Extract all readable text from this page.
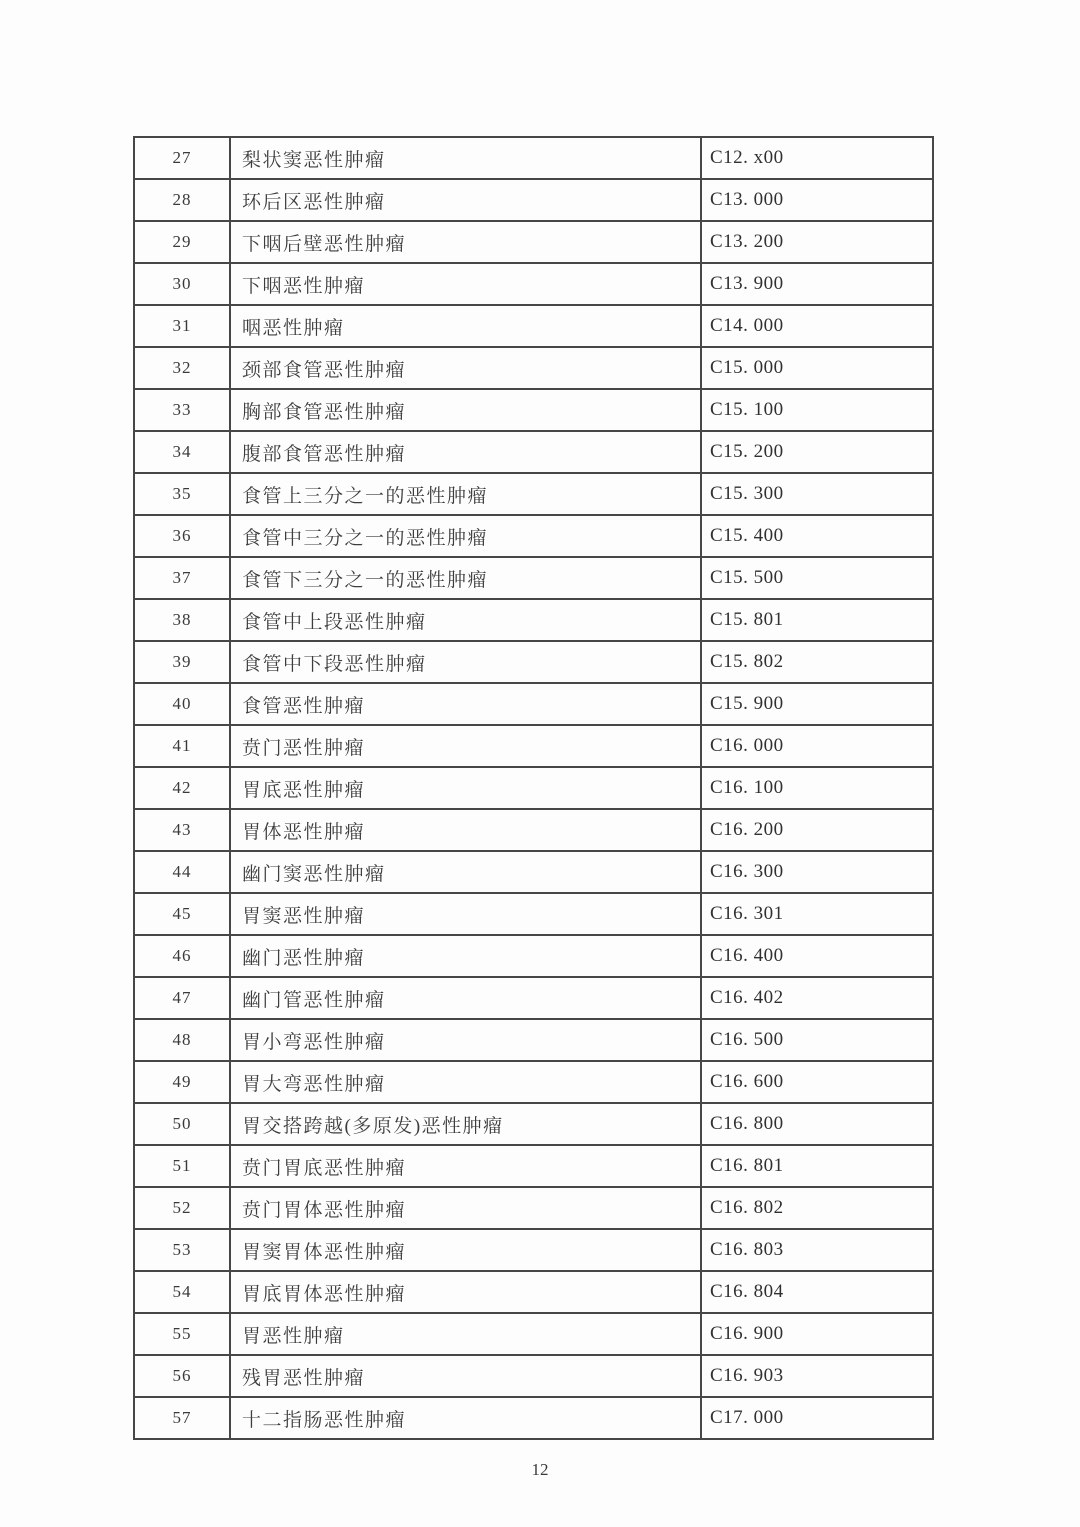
27	梨状窦恶性肿瘤	C12. x00
28	环后区恶性肿瘤	C13. 000
29	下咽后壁恶性肿瘤	C13. 200
30	下咽恶性肿瘤	C13. 900
31	咽恶性肿瘤	C14. 000
32	颈部食管恶性肿瘤	C15. 000
33	胸部食管恶性肿瘤	C15. 100
34	腹部食管恶性肿瘤	C15. 200
35	食管上三分之一的恶性肿瘤	C15. 300
36	食管中三分之一的恶性肿瘤	C15. 400
37	食管下三分之一的恶性肿瘤	C15. 500
38	食管中上段恶性肿瘤	C15. 801
39	食管中下段恶性肿瘤	C15. 802
40	食管恶性肿瘤	C15. 900
41	贲门恶性肿瘤	C16. 000
42	胃底恶性肿瘤	C16. 100
43	胃体恶性肿瘤	C16. 200
44	幽门窦恶性肿瘤	C16. 300
45	胃窦恶性肿瘤	C16. 301
46	幽门恶性肿瘤	C16. 400
47	幽门管恶性肿瘤	C16. 402
48	胃小弯恶性肿瘤	C16. 500
49	胃大弯恶性肿瘤	C16. 600
50	胃交搭跨越(多原发)恶性肿瘤	C16. 800
51	贲门胃底恶性肿瘤	C16. 801
52	贲门胃体恶性肿瘤	C16. 802
53	胃窦胃体恶性肿瘤	C16. 803
54	胃底胃体恶性肿瘤	C16. 804
55	胃恶性肿瘤	C16. 900
56	残胃恶性肿瘤	C16. 903
57	十二指肠恶性肿瘤	C17. 000
12
